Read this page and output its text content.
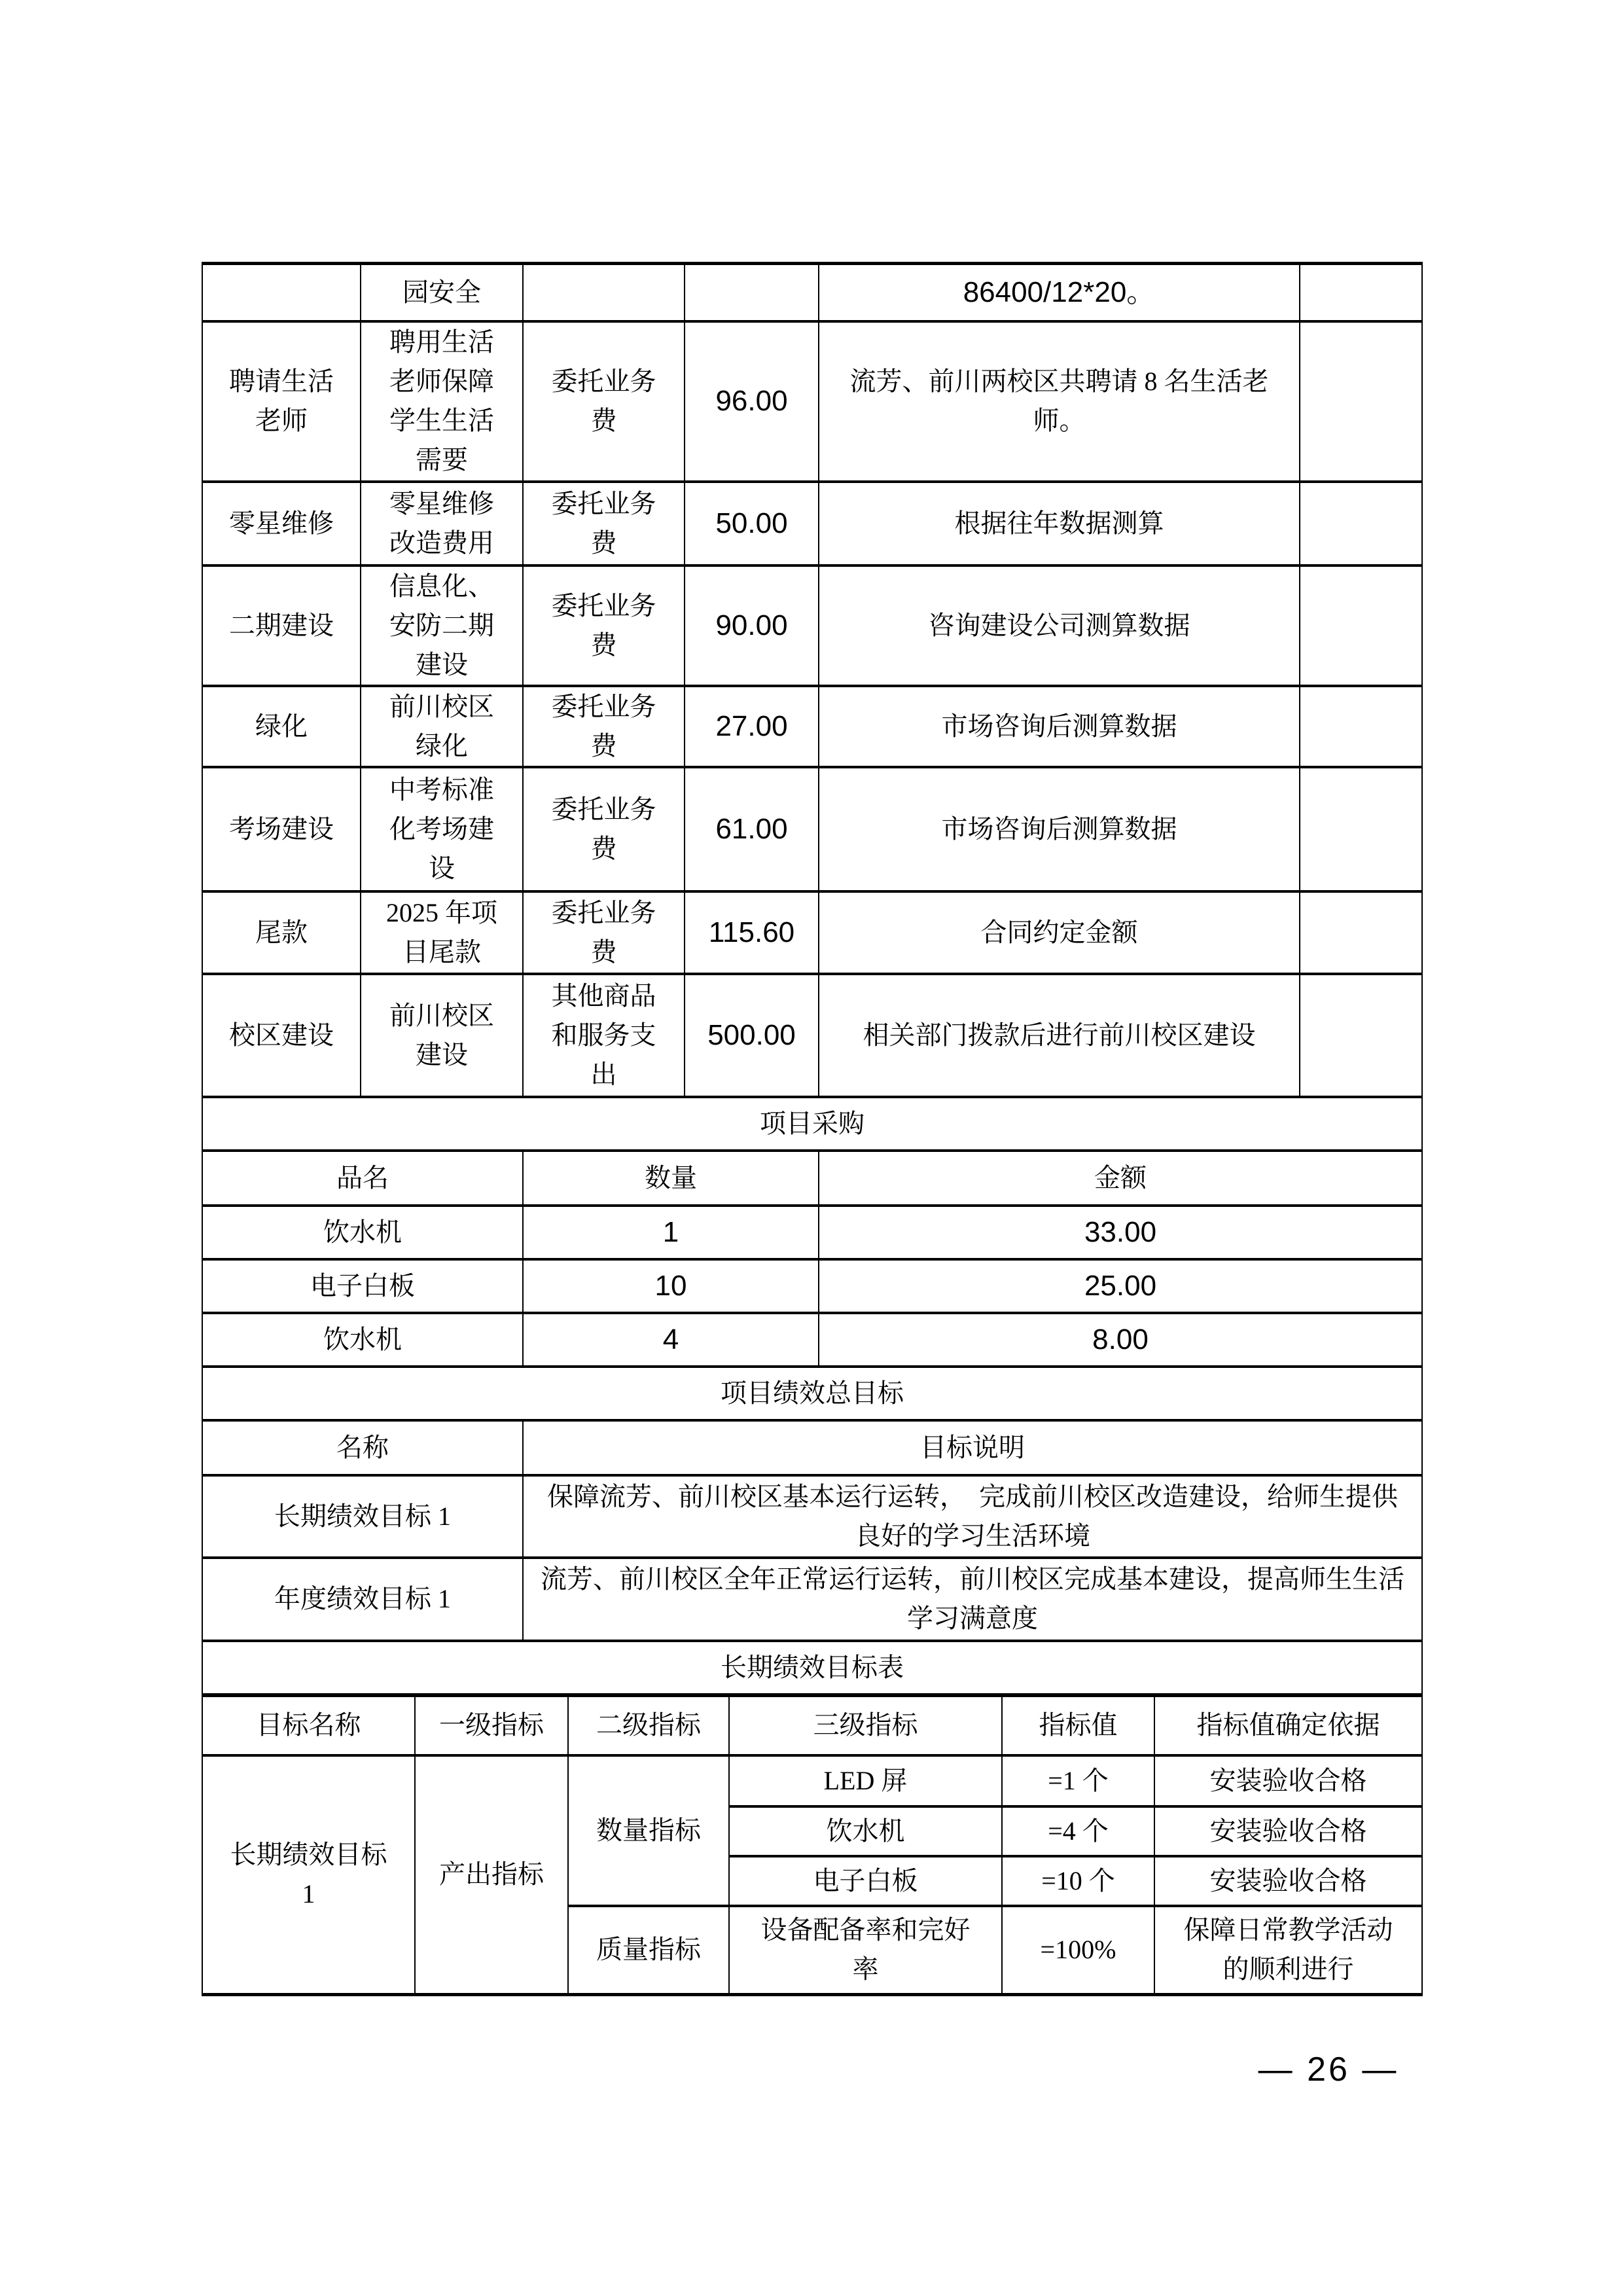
	园安全			86400/12*20。	
聘请生活老师	聘用生活老师保障学生生活需要	委托业务费	96.00	流芳、前川两校区共聘请 8 名生活老师。	
零星维修	零星维修改造费用	委托业务费	50.00	根据往年数据测算	
二期建设	信息化、安防二期建设	委托业务费	90.00	咨询建设公司测算数据	
绿化	前川校区绿化	委托业务费	27.00	市场咨询后测算数据	
考场建设	中考标准化考场建设	委托业务费	61.00	市场咨询后测算数据	
尾款	2025 年项目尾款	委托业务费	115.60	合同约定金额	
校区建设	前川校区建设	其他商品和服务支出	500.00	相关部门拨款后进行前川校区建设	
项目采购					
品名		数量		金额	
饮水机		1		33.00	
电子白板		10		25.00	
饮水机		4		8.00	
项目绩效总目标					
名称		目标说明			
长期绩效目标 1		保障流芳、前川校区基本运行运转，　完成前川校区改造建设，给师生提供良好的学习生活环境			
年度绩效目标 1		流芳、前川校区全年正常运行运转，前川校区完成基本建设，提高师生生活学习满意度			
长期绩效目标表					
目标名称	一级指标	二级指标	三级指标	指标值	指标值确定依据
长期绩效目标 1	产出指标	数量指标	LED 屏	=1 个	安装验收合格
			饮水机	=4 个	安装验收合格
			电子白板	=10 个	安装验收合格
		质量指标	设备配备率和完好率	=100%	保障日常教学活动的顺利进行
— 26 —
